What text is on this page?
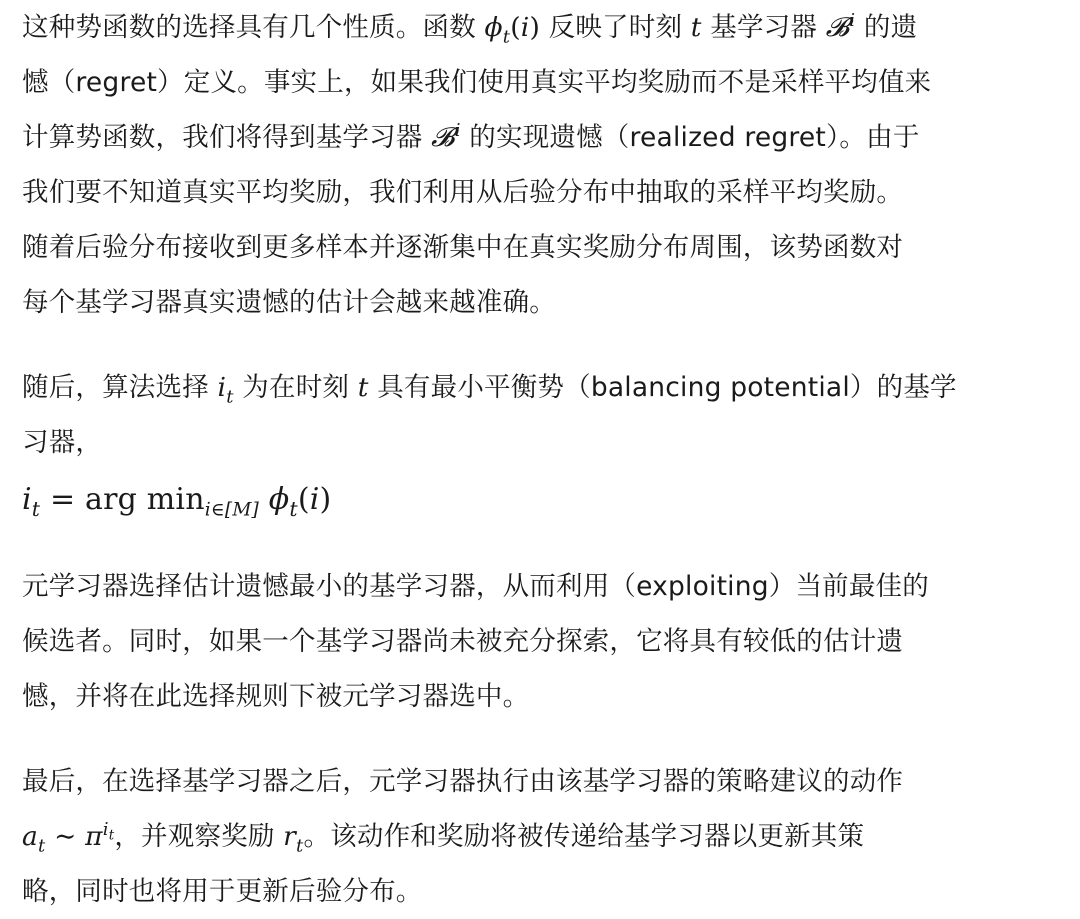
这种势函数的选择具有几个性质。函数 $\phi_t(i)$ 反映了时刻 t 基学习器 𝓑$^i$ 的遗
憾（regret）定义。事实上，如果我们使用真实平均奖励而不是采样平均值来
计算势函数，我们将得到基学习器 𝓑$^i$ 的实现遗憾（realized regret）。由于
我们要不知道真实平均奖励，我们利用从后验分布中抽取的采样平均奖励。
随着后验分布接收到更多样本并逐渐集中在真实奖励分布周围，该势函数对
每个基学习器真实遗憾的估计会越来越准确。

随后，算法选择 $i_t$ 为在时刻 t 具有最小平衡势（balancing potential）的基学
习器，
$i_t$ = arg $\min_{i\in[M]} \phi_t(i)$

元学习器选择估计遗憾最小的基学习器，从而利用（exploiting）当前最佳的
候选者。同时，如果一个基学习器尚未被充分探索，它将具有较低的估计遗
憾，并将在此选择规则下被元学习器选中。

最后，在选择基学习器之后，元学习器执行由该基学习器的策略建议的动作
$a_t$ ∼ $\pi^{i_t}$，并观察奖励 $r_t$。该动作和奖励将被传递给基学习器以更新其策
略，同时也将用于更新后验分布。
